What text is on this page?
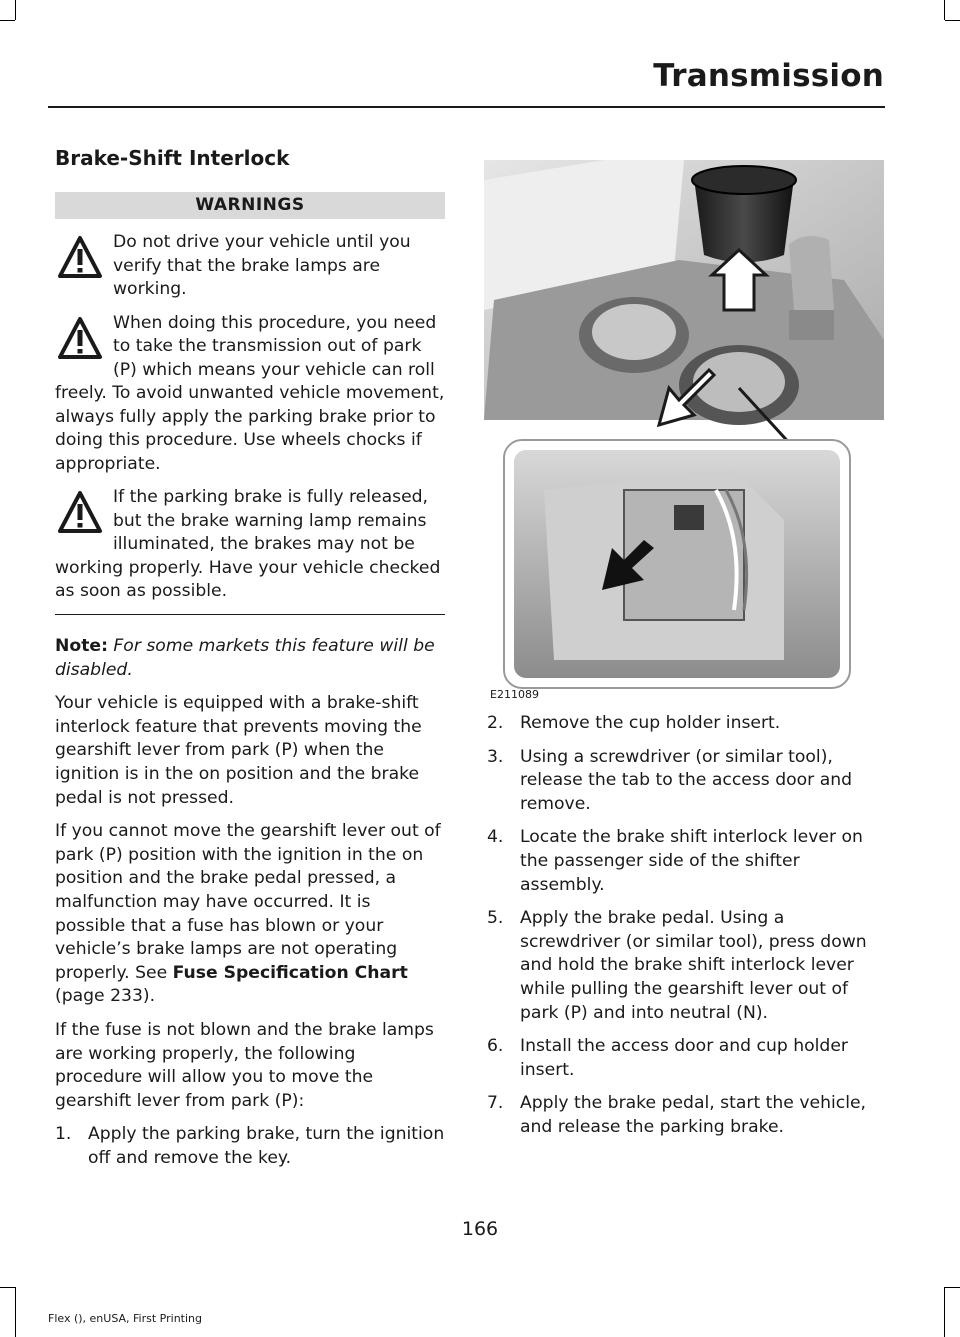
Transmission
Brake-Shift Interlock
WARNINGS
Do not drive your vehicle until you verify that the brake lamps are working.
When doing this procedure, you need to take the transmission out of park (P) which means your vehicle can roll freely. To avoid unwanted vehicle movement, always fully apply the parking brake prior to doing this procedure. Use wheels chocks if appropriate.
If the parking brake is fully released, but the brake warning lamp remains illuminated, the brakes may not be working properly. Have your vehicle checked as soon as possible.

Note: For some markets this feature will be disabled.

Your vehicle is equipped with a brake-shift interlock feature that prevents moving the gearshift lever from park (P) when the ignition is in the on position and the brake pedal is not pressed.

If you cannot move the gearshift lever out of park (P) position with the ignition in the on position and the brake pedal pressed, a malfunction may have occurred. It is possible that a fuse has blown or your vehicle’s brake lamps are not operating properly. See Fuse Specification Chart (page 233).

If the fuse is not blown and the brake lamps are working properly, the following procedure will allow you to move the gearshift lever from park (P):

1. Apply the parking brake, turn the ignition off and remove the key.
E211089
2. Remove the cup holder insert.
3. Using a screwdriver (or similar tool), release the tab to the access door and remove.
4. Locate the brake shift interlock lever on the passenger side of the shifter assembly.
5. Apply the brake pedal. Using a screwdriver (or similar tool), press down and hold the brake shift interlock lever while pulling the gearshift lever out of park (P) and into neutral (N).
6. Install the access door and cup holder insert.
7. Apply the brake pedal, start the vehicle, and release the parking brake.
166
Flex (), enUSA, First Printing
